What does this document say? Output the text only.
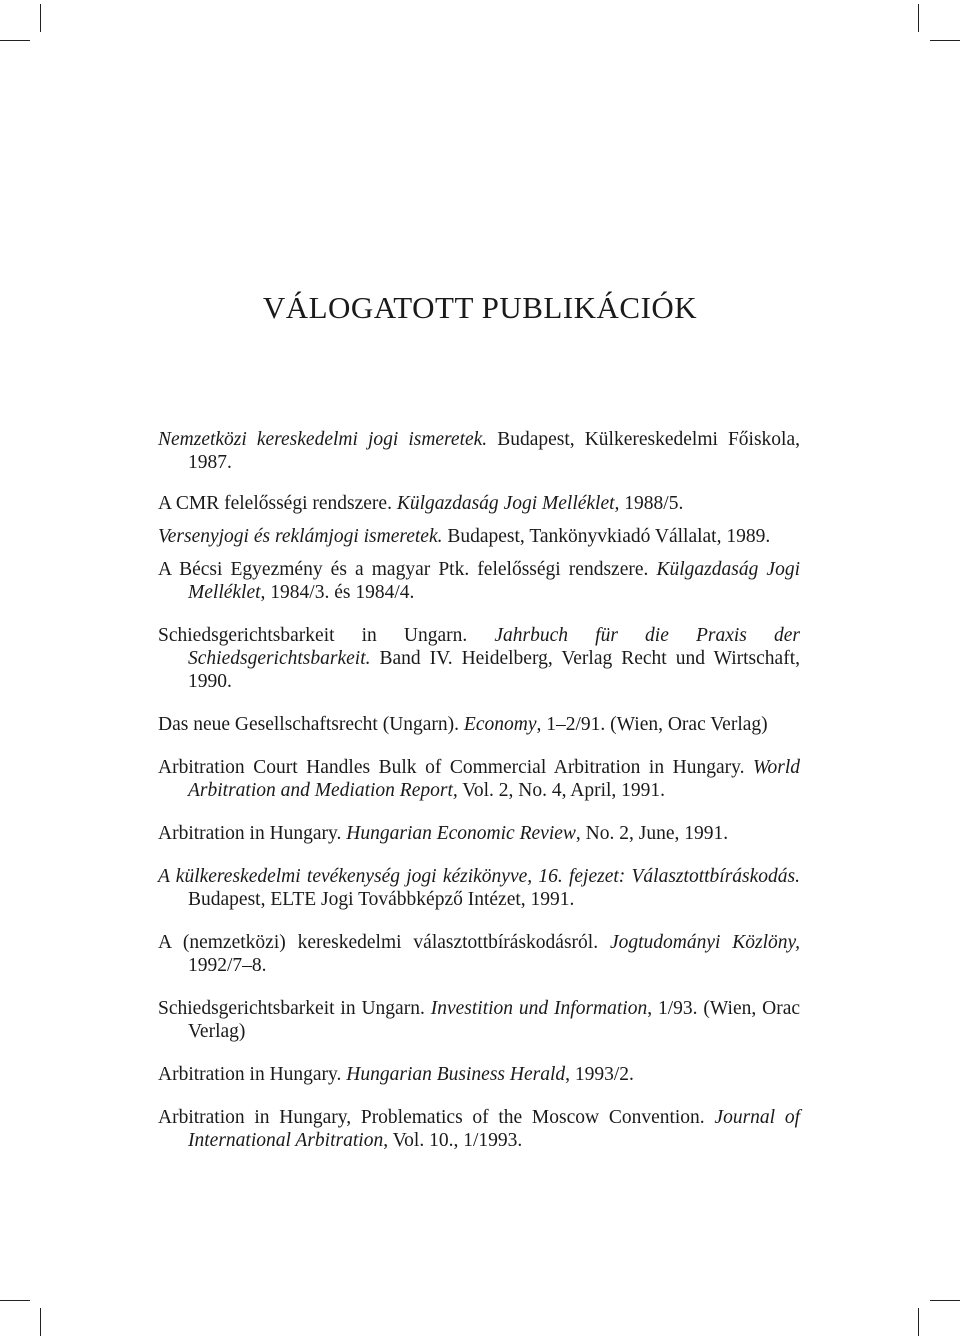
VÁLOGATOTT PUBLIKÁCIÓK
Nemzetközi kereskedelmi jogi ismeretek. Budapest, Külkereskedelmi Főiskola, 1987.
A CMR felelősségi rendszere. Külgazdaság Jogi Melléklet, 1988/5.
Versenyjogi és reklámjogi ismeretek. Budapest, Tankönyvkiadó Vállalat, 1989.
A Bécsi Egyezmény és a magyar Ptk. felelősségi rendszere. Külgazdaság Jogi Melléklet, 1984/3. és 1984/4.
Schiedsgerichtsbarkeit in Ungarn. Jahrbuch für die Praxis der Schiedsgerichtsbarkeit. Band IV. Heidelberg, Verlag Recht und Wirtschaft, 1990.
Das neue Gesellschaftsrecht (Ungarn). Economy, 1–2/91. (Wien, Orac Verlag)
Arbitration Court Handles Bulk of Commercial Arbitration in Hungary. World Arbitration and Mediation Report, Vol. 2, No. 4, April, 1991.
Arbitration in Hungary. Hungarian Economic Review, No. 2, June, 1991.
A külkereskedelmi tevékenység jogi kézikönyve, 16. fejezet: Választottbíráskodás. Budapest, ELTE Jogi Továbbképző Intézet, 1991.
A (nemzetközi) kereskedelmi választottbíráskodásról. Jogtudományi Közlöny, 1992/7–8.
Schiedsgerichtsbarkeit in Ungarn. Investition und Information, 1/93. (Wien, Orac Verlag)
Arbitration in Hungary. Hungarian Business Herald, 1993/2.
Arbitration in Hungary, Problematics of the Moscow Convention. Journal of International Arbitration, Vol. 10., 1/1993.
